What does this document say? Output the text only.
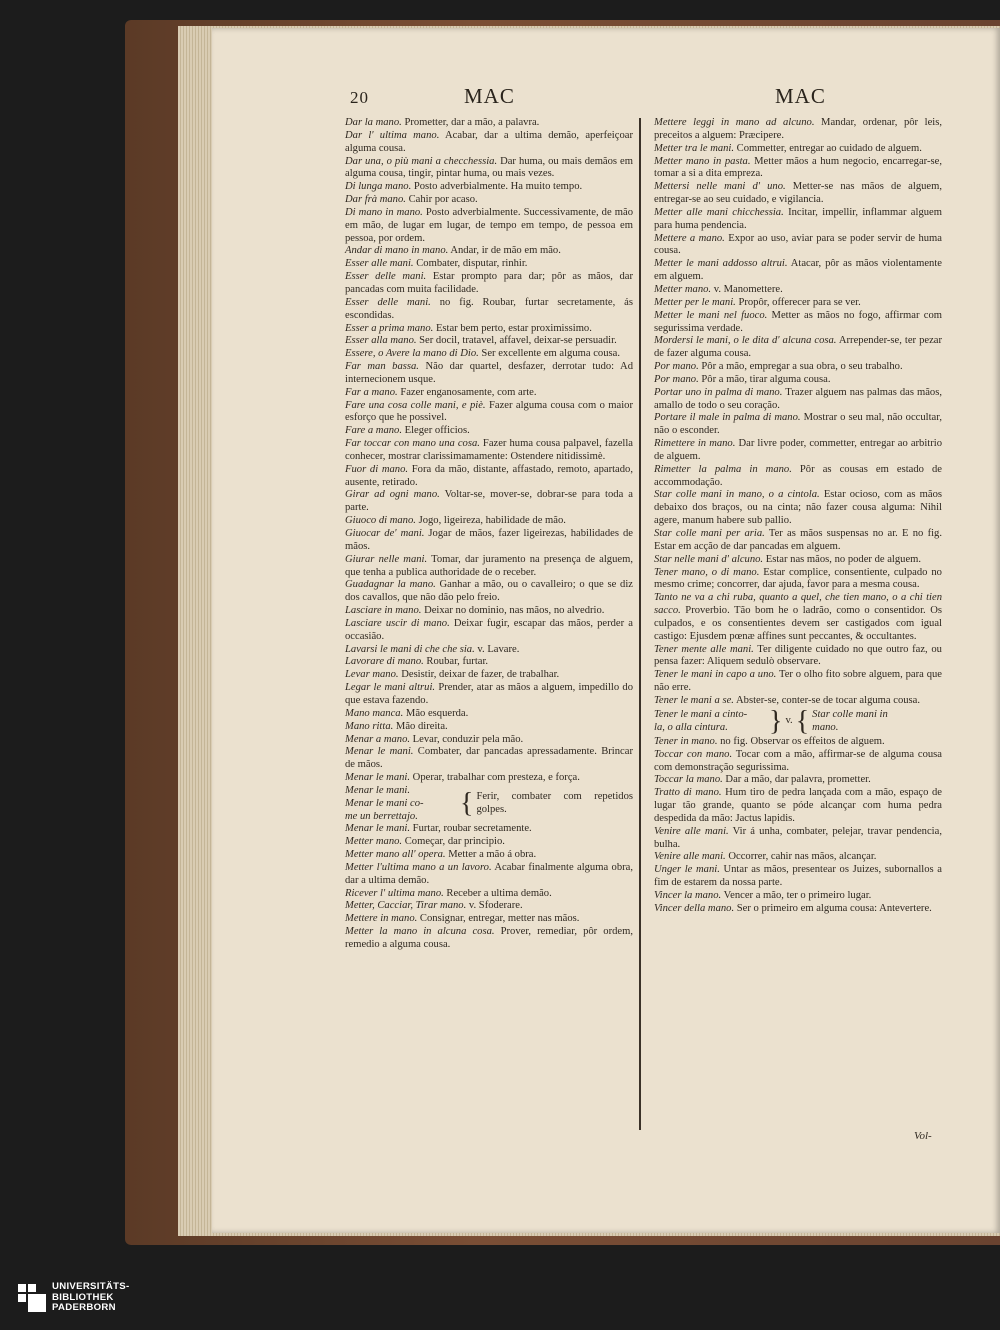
20	MAC	MAC

Dar la mano. Prometter, dar a mão, a palavra.

Dar l' ultima mano. Acabar, dar a ultima demão, aperfeiçoar alguma cousa.

Dar una, o più mani a checchessia. Dar huma, ou mais demãos em alguma cousa, tingir, pintar huma, ou mais vezes.

Di lunga mano. Posto adverbialmente. Ha muito tempo.

Dar frà mano. Cahir por acaso.

Di mano in mano. Posto adverbialmente. Successivamente, de mão em mão, de lugar em lugar, de tempo em tempo, de pessoa em pessoa, por ordem.

Andar di mano in mano. Andar, ir de mão em mão.

Esser alle mani. Combater, disputar, rinhir.

Esser delle mani. Estar prompto para dar; pôr as mãos, dar pancadas com muita facilidade.

Esser delle mani. no fig. Roubar, furtar secretamente, ás escondidas.

Esser a prima mano. Estar bem perto, estar proximissimo.

Esser alla mano. Ser docil, tratavel, affavel, deixar-se persuadir.

Essere, o Avere la mano di Dio. Ser excellente em alguma cousa.

Far man bassa. Não dar quartel, desfazer, derrotar tudo: Ad internecionem usque.

Far a mano. Fazer enganosamente, com arte.

Fare una cosa colle mani, e piè. Fazer alguma cousa com o maior esforço que he possivel.

Fare a mano. Eleger officios.

Far toccar con mano una cosa. Fazer huma cousa palpavel, fazella conhecer, mostrar clarissimamamente: Ostendere nitidissimè.

Fuor di mano. Fora da mão, distante, affastado, remoto, apartado, ausente, retirado.

Girar ad ogni mano. Voltar-se, mover-se, dobrar-se para toda a parte.

Giuoco di mano. Jogo, ligeireza, habilidade de mão.

Giuocar de' mani. Jogar de mãos, fazer ligeirezas, habilidades de mãos.

Giurar nelle mani. Tomar, dar juramento na presença de alguem, que tenha a publica authoridade de o receber.

Guadagnar la mano. Ganhar a mão, ou o cavalleiro; o que se diz dos cavallos, que não dão pelo freio.

Lasciare in mano. Deixar no dominio, nas mãos, no alvedrio.

Lasciare uscir di mano. Deixar fugir, escapar das mãos, perder a occasião.

Lavarsi le mani di che che sia. v. Lavare.

Lavorare di mano. Roubar, furtar.

Levar mano. Desistir, deixar de fazer, de trabalhar.

Legar le mani altrui. Prender, atar as mãos a alguem, impedillo do que estava fazendo.

Mano manca. Mão esquerda.

Mano ritta. Mão direita.

Menar a mano. Levar, conduzir pela mão.

Menar le mani. Combater, dar pancadas apressadamente. Brincar de mãos.

Menar le mani. Operar, trabalhar com presteza, e força.

Menar le mani.
Menar le mani co-
me un berrettajo.	{ Ferir, combater com repetidos golpes.

Menar le mani. Furtar, roubar secretamente.

Metter mano. Começar, dar principio.

Metter mano all' opera. Metter a mão á obra.

Metter l'ultima mano a un lavoro. Acabar finalmente alguma obra, dar a ultima demão.

Ricever l' ultima mano. Receber a ultima demão.

Metter, Cacciar, Tirar mano. v. Sfoderare.

Mettere in mano. Consignar, entregar, metter nas mãos.

Metter la mano in alcuna cosa. Prover, remediar, pôr ordem, remedio a alguma cousa.

Mettere leggi in mano ad alcuno. Mandar, ordenar, pôr leis, preceitos a alguem: Præcipere.

Metter tra le mani. Commetter, entregar ao cuidado de alguem.

Metter mano in pasta. Metter mãos a hum negocio, encarregar-se, tomar a si a dita empreza.

Mettersi nelle mani d' uno. Metter-se nas mãos de alguem, entregar-se ao seu cuidado, e vigilancia.

Metter alle mani chicchessia. Incitar, impellir, inflammar alguem para huma pendencia.

Mettere a mano. Expor ao uso, aviar para se poder servir de huma cousa.

Metter le mani addosso altrui. Atacar, pôr as mãos violentamente em alguem.

Metter mano. v. Manomettere.

Metter per le mani. Propôr, offerecer para se ver.

Metter le mani nel fuoco. Metter as mãos no fogo, affirmar com segurissima verdade.

Mordersi le mani, o le dita d' alcuna cosa. Arrepender-se, ter pezar de fazer alguma cousa.

Por mano. Pôr a mão, empregar a sua obra, o seu trabalho.

Por mano. Pôr a mão, tirar alguma cousa.

Portar uno in palma di mano. Trazer alguem nas palmas das mãos, amallo de todo o seu coração.

Portare il male in palma di mano. Mostrar o seu mal, não occultar, não o esconder.

Rimettere in mano. Dar livre poder, commetter, entregar ao arbitrio de alguem.

Rimetter la palma in mano. Pôr as cousas em estado de accommodação.

Star colle mani in mano, o a cintola. Estar ocioso, com as mãos debaixo dos braços, ou na cinta; não fazer cousa alguma: Nihil agere, manum habere sub pallio.

Star colle mani per aria. Ter as mãos suspensas no ar. E no fig. Estar em acção de dar pancadas em alguem.

Star nelle mani d' alcuno. Estar nas mãos, no poder de alguem.

Tener mano, o di mano. Estar complice, consentiente, culpado no mesmo crime; concorrer, dar ajuda, favor para a mesma cousa.

Tanto ne va a chi ruba, quanto a quel, che tien mano, o a chi tien sacco. Proverbio. Tão bom he o ladrão, como o consentidor. Os culpados, e os consentientes devem ser castigados com igual castigo: Ejusdem pœnæ affines sunt peccantes, & occultantes.

Tener mente alle mani. Ter diligente cuidado no que outro faz, ou pensa fazer: Aliquem sedulò observare.

Tener le mani in capo a uno. Ter o olho fito sobre alguem, para que não erre.

Tener le mani a se. Abster-se, conter-se de tocar alguma cousa.

Tener le mani a cinto-
la, o alla cintura.	} v. { Star colle mani in
mano.

Tener in mano. no fig. Observar os effeitos de alguem.

Toccar con mano. Tocar com a mão, affirmar-se de alguma cousa com demonstração segurissima.

Toccar la mano. Dar a mão, dar palavra, prometter.

Tratto di mano. Hum tiro de pedra lançada com a mão, espaço de lugar tão grande, quanto se póde alcançar com huma pedra despedida da mão: Jactus lapidis.

Venire alle mani. Vir á unha, combater, pelejar, travar pendencia, bulha.

Venire alle mani. Occorrer, cahir nas mãos, alcançar.

Unger le mani. Untar as mãos, presentear os Juizes, subornallos a fim de estarem da nossa parte.

Vincer la mano. Vencer a mão, ter o primeiro lugar.

Vincer della mano. Ser o primeiro em alguma cousa: Antevertere.

Vol-
UNIVERSITÄTS-
BIBLIOTHEK
PADERBORN
